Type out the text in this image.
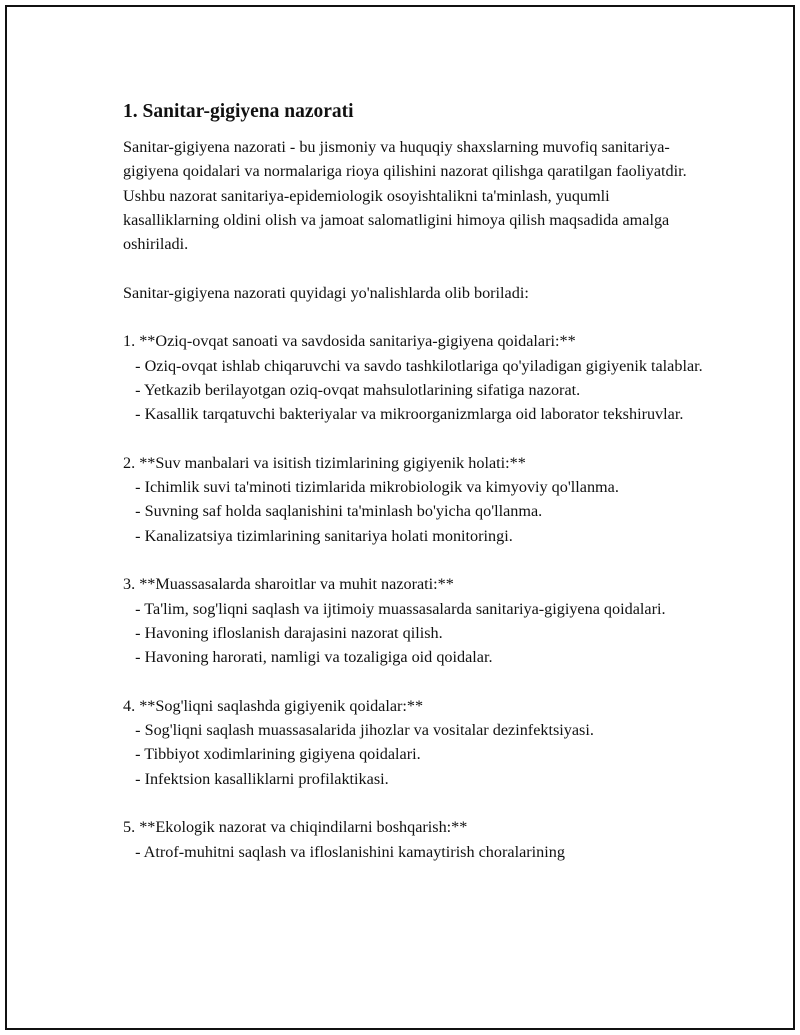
1. Sanitar-gigiyena nazorati

Sanitar-gigiyena nazorati - bu jismoniy va huquqiy shaxslarning muvofiq sanitariya-gigiyena qoidalari va normalariga rioya qilishini nazorat qilishga qaratilgan faoliyatdir. Ushbu nazorat sanitariya-epidemiologik osoyishtalikni ta'minlash, yuqumli kasalliklarning oldini olish va jamoat salomatligini himoya qilish maqsadida amalga oshiriladi.

Sanitar-gigiyena nazorati quyidagi yo'nalishlarda olib boriladi:

1. **Oziq-ovqat sanoati va savdosida sanitariya-gigiyena qoidalari:**

- Oziq-ovqat ishlab chiqaruvchi va savdo tashkilotlariga qo'yiladigan gigiyenik talablar.

- Yetkazib berilayotgan oziq-ovqat mahsulotlarining sifatiga nazorat.

- Kasallik tarqatuvchi bakteriyalar va mikroorganizmlarga oid laborator tekshiruvlar.

2. **Suv manbalari va isitish tizimlarining gigiyenik holati:**

- Ichimlik suvi ta'minoti tizimlarida mikrobiologik va kimyoviy qo'llanma.

- Suvning saf holda saqlanishini ta'minlash bo'yicha qo'llanma.

- Kanalizatsiya tizimlarining sanitariya holati monitoringi.

3. **Muassasalarda sharoitlar va muhit nazorati:**

- Ta'lim, sog'liqni saqlash va ijtimoiy muassasalarda sanitariya-gigiyena qoidalari.

- Havoning ifloslanish darajasini nazorat qilish.

- Havoning harorati, namligi va tozaligiga oid qoidalar.

4. **Sog'liqni saqlashda gigiyenik qoidalar:**

- Sog'liqni saqlash muassasalarida jihozlar va vositalar dezinfektsiyasi.

- Tibbiyot xodimlarining gigiyena qoidalari.

- Infektsion kasalliklarni profilaktikasi.

5. **Ekologik nazorat va chiqindilarni boshqarish:**

- Atrof-muhitni saqlash va ifloslanishini kamaytirish choralarining
